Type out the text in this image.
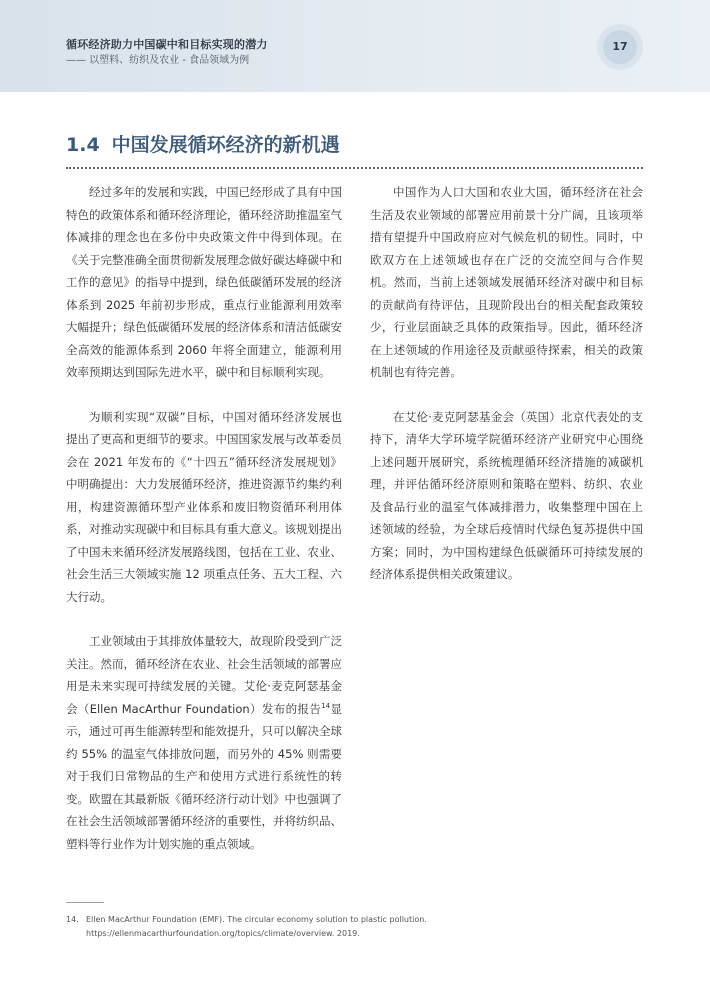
循环经济助力中国碳中和目标实现的潜力
—— 以塑料、纺织及农业 - 食品领域为例
17
1.4 中国发展循环经济的新机遇

经过多年的发展和实践，中国已经形成了具有中国特色的政策体系和循环经济理论，循环经济助推温室气体减排的理念也在多份中央政策文件中得到体现。在《关于完整准确全面贯彻新发展理念做好碳达峰碳中和工作的意见》的指导中提到，绿色低碳循环发展的经济体系到 2025 年前初步形成，重点行业能源利用效率大幅提升；绿色低碳循环发展的经济体系和清洁低碳安全高效的能源体系到 2060 年将全面建立，能源利用效率预期达到国际先进水平，碳中和目标顺利实现。

为顺利实现“双碳”目标，中国对循环经济发展也提出了更高和更细节的要求。中国国家发展与改革委员会在 2021 年发布的《“十四五”循环经济发展规划》中明确提出：大力发展循环经济，推进资源节约集约利用，构建资源循环型产业体系和废旧物资循环利用体系，对推动实现碳中和目标具有重大意义。该规划提出了中国未来循环经济发展路线图，包括在工业、农业、社会生活三大领域实施 12 项重点任务、五大工程、六大行动。

工业领域由于其排放体量较大，故现阶段受到广泛关注。然而，循环经济在农业、社会生活领域的部署应用是未来实现可持续发展的关键。艾伦·麦克阿瑟基金会（Ellen MacArthur Foundation）发布的报告$^{14}$显示，通过可再生能源转型和能效提升，只可以解决全球约 55% 的温室气体排放问题，而另外的 45% 则需要对于我们日常物品的生产和使用方式进行系统性的转变。欧盟在其最新版《循环经济行动计划》中也强调了在社会生活领域部署循环经济的重要性，并将纺织品、塑料等行业作为计划实施的重点领域。

中国作为人口大国和农业大国，循环经济在社会生活及农业领域的部署应用前景十分广阔，且该项举措有望提升中国政府应对气候危机的韧性。同时，中欧双方在上述领域也存在广泛的交流空间与合作契机。然而，当前上述领域发展循环经济对碳中和目标的贡献尚有待评估，且现阶段出台的相关配套政策较少，行业层面缺乏具体的政策指导。因此，循环经济在上述领域的作用途径及贡献亟待探索，相关的政策机制也有待完善。

在艾伦·麦克阿瑟基金会（英国）北京代表处的支持下，清华大学环境学院循环经济产业研究中心围绕上述问题开展研究，系统梳理循环经济措施的减碳机理，并评估循环经济原则和策略在塑料、纺织、农业及食品行业的温室气体减排潜力，收集整理中国在上述领域的经验，为全球后疫情时代绿色复苏提供中国方案；同时，为中国构建绿色低碳循环可持续发展的经济体系提供相关政策建议。

14. Ellen MacArthur Foundation (EMF). The circular economy solution to plastic pollution. https://ellenmacarthurfoundation.org/topics/climate/overview. 2019.
